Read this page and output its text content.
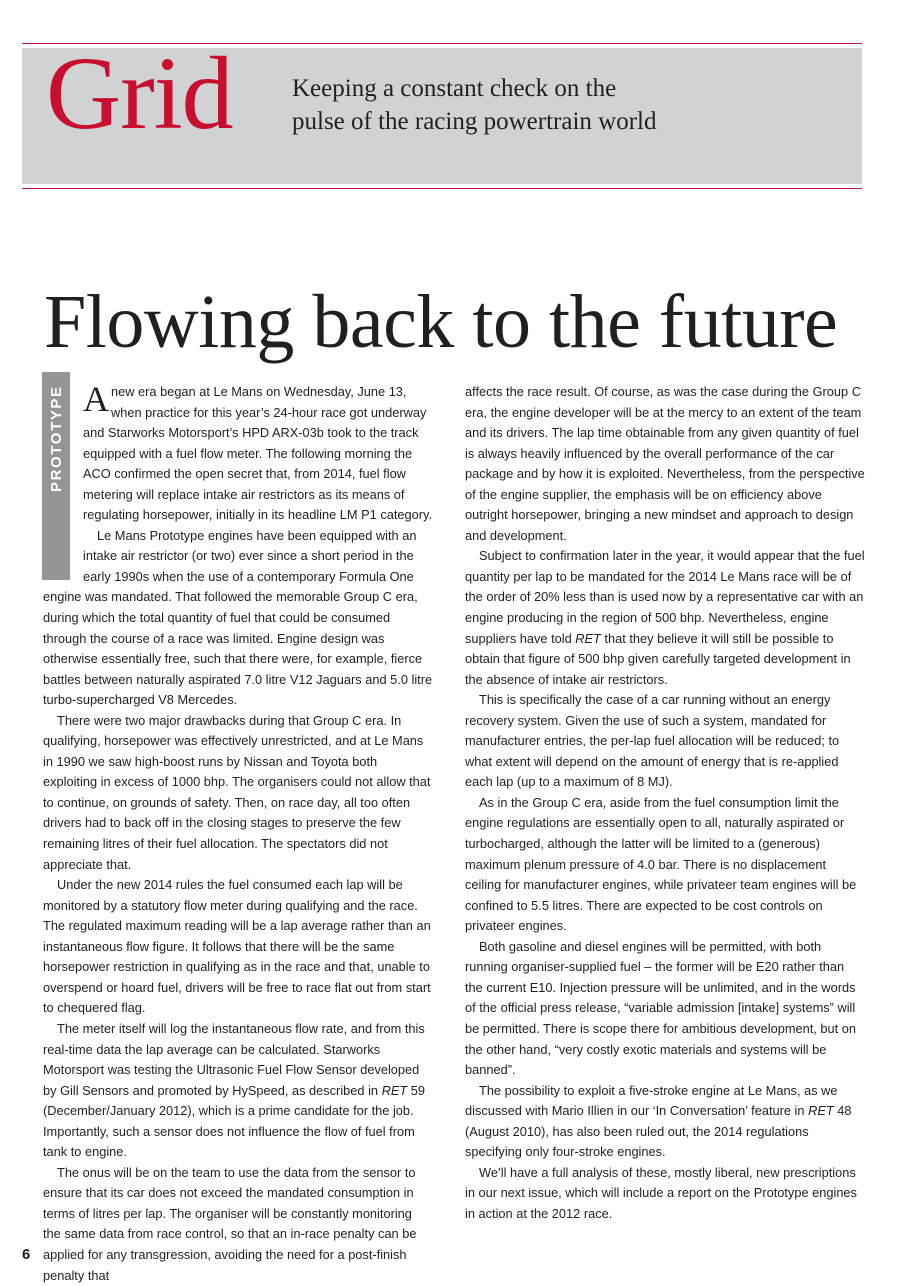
Grid Keeping a constant check on the
pulse of the racing powertrain world
Flowing back to the future
PROTOTYPE Anew era began at Le Mans on Wednesday, June 13, when practice for this year’s 24-hour race got underway and Starworks Motorsport’s HPD ARX-03b took to the track equipped with a fuel flow meter. The following morning the ACO confirmed the open secret that, from 2014, fuel flow metering will replace intake air restrictors as its means of regulating horsepower, initially in its headline LM P1 category.

Le Mans Prototype engines have been equipped with an intake air restrictor (or two) ever since a short period in the early 1990s when the use of a contemporary Formula One engine was mandated. That followed the memorable Group C era, during which the total quantity of fuel that could be consumed through the course of a race was limited. Engine design was otherwise essentially free, such that there were, for example, fierce battles between naturally aspirated 7.0 litre V12 Jaguars and 5.0 litre turbo-supercharged V8 Mercedes.

There were two major drawbacks during that Group C era. In qualifying, horsepower was effectively unrestricted, and at Le Mans in 1990 we saw high-boost runs by Nissan and Toyota both exploiting in excess of 1000 bhp. The organisers could not allow that to continue, on grounds of safety. Then, on race day, all too often drivers had to back off in the closing stages to preserve the few remaining litres of their fuel allocation. The spectators did not appreciate that.

Under the new 2014 rules the fuel consumed each lap will be monitored by a statutory flow meter during qualifying and the race. The regulated maximum reading will be a lap average rather than an instantaneous flow figure. It follows that there will be the same horsepower restriction in qualifying as in the race and that, unable to overspend or hoard fuel, drivers will be free to race flat out from start to chequered flag.

The meter itself will log the instantaneous flow rate, and from this real-time data the lap average can be calculated. Starworks Motorsport was testing the Ultrasonic Fuel Flow Sensor developed by Gill Sensors and promoted by HySpeed, as described in RET 59 (December/January 2012), which is a prime candidate for the job. Importantly, such a sensor does not influence the flow of fuel from tank to engine.

The onus will be on the team to use the data from the sensor to ensure that its car does not exceed the mandated consumption in terms of litres per lap. The organiser will be constantly monitoring the same data from race control, so that an in-race penalty can be applied for any transgression, avoiding the need for a post-finish penalty that

affects the race result. Of course, as was the case during the Group C era, the engine developer will be at the mercy to an extent of the team and its drivers. The lap time obtainable from any given quantity of fuel is always heavily influenced by the overall performance of the car package and by how it is exploited. Nevertheless, from the perspective of the engine supplier, the emphasis will be on efficiency above outright horsepower, bringing a new mindset and approach to design and development.

Subject to confirmation later in the year, it would appear that the fuel quantity per lap to be mandated for the 2014 Le Mans race will be of the order of 20% less than is used now by a representative car with an engine producing in the region of 500 bhp. Nevertheless, engine suppliers have told RET that they believe it will still be possible to obtain that figure of 500 bhp given carefully targeted development in the absence of intake air restrictors.

This is specifically the case of a car running without an energy recovery system. Given the use of such a system, mandated for manufacturer entries, the per-lap fuel allocation will be reduced; to what extent will depend on the amount of energy that is re-applied each lap (up to a maximum of 8 MJ).

As in the Group C era, aside from the fuel consumption limit the engine regulations are essentially open to all, naturally aspirated or turbocharged, although the latter will be limited to a (generous) maximum plenum pressure of 4.0 bar. There is no displacement ceiling for manufacturer engines, while privateer team engines will be confined to 5.5 litres. There are expected to be cost controls on privateer engines.

Both gasoline and diesel engines will be permitted, with both running organiser-supplied fuel – the former will be E20 rather than the current E10. Injection pressure will be unlimited, and in the words of the official press release, “variable admission [intake] systems” will be permitted. There is scope there for ambitious development, but on the other hand, “very costly exotic materials and systems will be banned”.

The possibility to exploit a five-stroke engine at Le Mans, as we discussed with Mario Illien in our ‘In Conversation’ feature in RET 48 (August 2010), has also been ruled out, the 2014 regulations specifying only four-stroke engines.

We’ll have a full analysis of these, mostly liberal, new prescriptions in our next issue, which will include a report on the Prototype engines in action at the 2012 race.

6
